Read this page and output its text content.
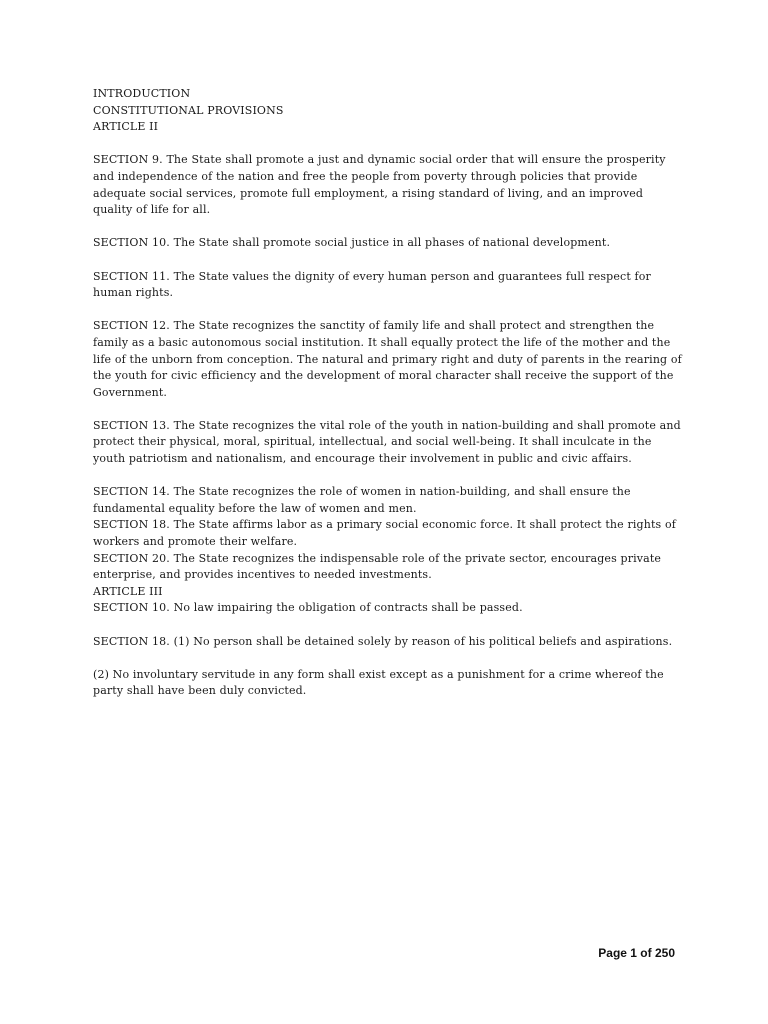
INTRODUCTION
CONSTITUTIONAL PROVISIONS
ARTICLE II

SECTION 9. The State shall promote a just and dynamic social order that will ensure the prosperity and independence of the nation and free the people from poverty through policies that provide adequate social services, promote full employment, a rising standard of living, and an improved quality of life for all.

SECTION 10. The State shall promote social justice in all phases of national development.

SECTION 11. The State values the dignity of every human person and guarantees full respect for human rights.

SECTION 12. The State recognizes the sanctity of family life and shall protect and strengthen the family as a basic autonomous social institution. It shall equally protect the life of the mother and the life of the unborn from conception. The natural and primary right and duty of parents in the rearing of the youth for civic efficiency and the development of moral character shall receive the support of the Government.

SECTION 13. The State recognizes the vital role of the youth in nation-building and shall promote and protect their physical, moral, spiritual, intellectual, and social well-being. It shall inculcate in the youth patriotism and nationalism, and encourage their involvement in public and civic affairs.

SECTION 14. The State recognizes the role of women in nation-building, and shall ensure the fundamental equality before the law of women and men.

SECTION 18. The State affirms labor as a primary social economic force. It shall protect the rights of workers and promote their welfare.

SECTION 20. The State recognizes the indispensable role of the private sector, encourages private enterprise, and provides incentives to needed investments.

ARTICLE III

SECTION 10. No law impairing the obligation of contracts shall be passed.

SECTION 18. (1) No person shall be detained solely by reason of his political beliefs and aspirations.

(2) No involuntary servitude in any form shall exist except as a punishment for a crime whereof the party shall have been duly convicted.

Page 1 of 250
